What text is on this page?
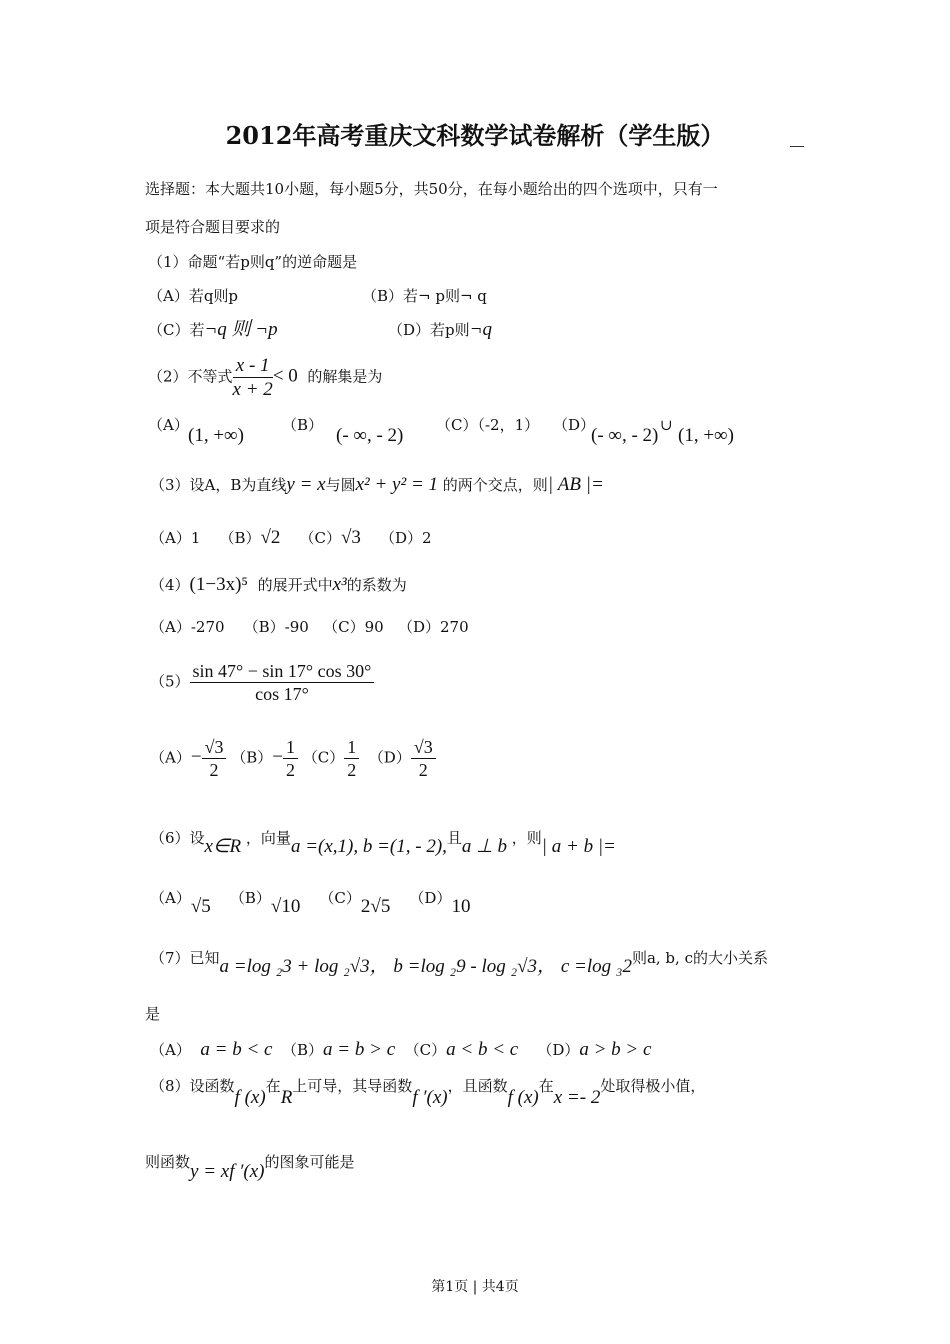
2012年高考重庆文科数学试卷解析（学生版）
选择题：本大题共10小题，每小题5分，共50分，在每小题给出的四个选项中，只有一
项是符合题目要求的
（1）命题“若p则q”的逆命题是
（A）若q则p	（B）若¬ p则¬ q
（C）若¬q 则 ¬p	（D）若p则¬q
（2）不等式 $\frac{x - 1}{x + 2} < 0$ 的解集是为
（A） (1, +∞)	（B） (- ∞, - 2) （C）（-2，1） （D）
(- ∞, - 2) ∪ (1, +∞)
（3）设A，B为直线y = x与圆x² + y² = 1 的两个交点，则| AB |=
（A）1 （B）√2 （C）√3 （D）2
（4）(1−3x)⁵ 的展开式中x³的系数为
（A）-270    （B）-90   （C）90   （D）270
$(5) \frac{\sin 47^\circ - \sin 17^\circ \cos 30^\circ}{\cos 17^\circ}$
$(A)- \frac{√3}{2} (B)- \frac{1}{2} (C) \frac{1}{2} (D) \frac{√3}{2}$
（6）设x∈R ，向量a =(x,1), b =(1, - 2),且a ⊥ b ，则| a + b |=
（A）√5 （B）√10 （C）2√5 （D）10
（7）已知a =log ₂3 + log ₂√3， b =log ₂9 - log ₂√3， c =log ₃2则a, b, c的大小关系
是
（A） a = b < c （B）a = b > c （C）a < b < c （D）a > b > c
（8）设函数f (x)在R上可导，其导函数f ′(x)，且函数f (x)在x =- 2处取得极小值，
则函数y = xf ′(x)的图象可能是
第1页 | 共4页
